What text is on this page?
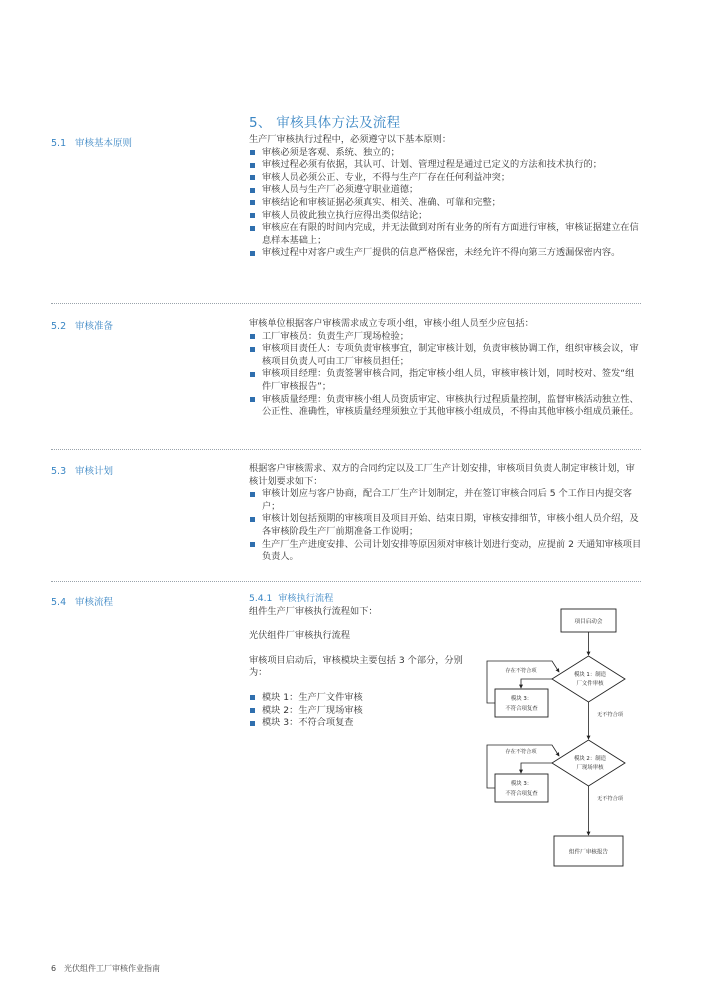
5、 审核具体方法及流程
5.1 审核基本原则	生产厂审核执行过程中，必须遵守以下基本原则：

审核必须是客观、系统、独立的；
审核过程必须有依据，其认可、计划、管理过程是通过已定义的方法和技术执行的；
审核人员必须公正、专业，不得与生产厂存在任何利益冲突；
审核人员与生产厂必须遵守职业道德；
审核结论和审核证据必须真实、相关、准确、可靠和完整；
审核人员彼此独立执行应得出类似结论；
审核应在有限的时间内完成，并无法做到对所有业务的所有方面进行审核，审核证据建立在信息样本基础上；
审核过程中对客户或生产厂提供的信息严格保密，未经允许不得向第三方透漏保密内容。
5.2 审核准备	审核单位根据客户审核需求成立专项小组，审核小组人员至少应包括：

工厂审核员：负责生产厂现场检验；
审核项目责任人：专项负责审核事宜，制定审核计划，负责审核协调工作，组织审核会议，审核项目负责人可由工厂审核员担任；
审核项目经理：负责签署审核合同，指定审核小组人员，审核审核计划，同时校对、签发“组件厂审核报告”；
审核质量经理：负责审核小组人员资质审定、审核执行过程质量控制，监督审核活动独立性、公正性、准确性，审核质量经理须独立于其他审核小组成员，不得由其他审核小组成员兼任。
5.3 审核计划	根据客户审核需求、双方的合同约定以及工厂生产计划安排，审核项目负责人制定审核计划，审核计划要求如下：

审核计划应与客户协商，配合工厂生产计划制定，并在签订审核合同后 5 个工作日内提交客户；
审核计划包括预期的审核项目及项目开始、结束日期，审核安排细节，审核小组人员介绍，及各审核阶段生产厂前期准备工作说明；
生产厂生产进度安排、公司计划安排等原因须对审核计划进行变动，应提前 2 天通知审核项目负责人。
5.4 审核流程	5.4.1 审核执行流程

组件生产厂审核执行流程如下：

光伏组件厂审核执行流程

审核项目启动后，审核模块主要包括 3 个部分，分别为：

模块 1：生产厂文件审核
模块 2：生产厂现场审核
模块 3：不符合项复查
项目启动会
模块 1：制造
厂文件审核
存在不符合项
模块 3：
不符合项复查
无不符合项
模块 2：制造
厂现场审核
存在不符合项
模块 3：
不符合项复查
无不符合项
组件厂审核报告
6 光伏组件工厂审核作业指南
